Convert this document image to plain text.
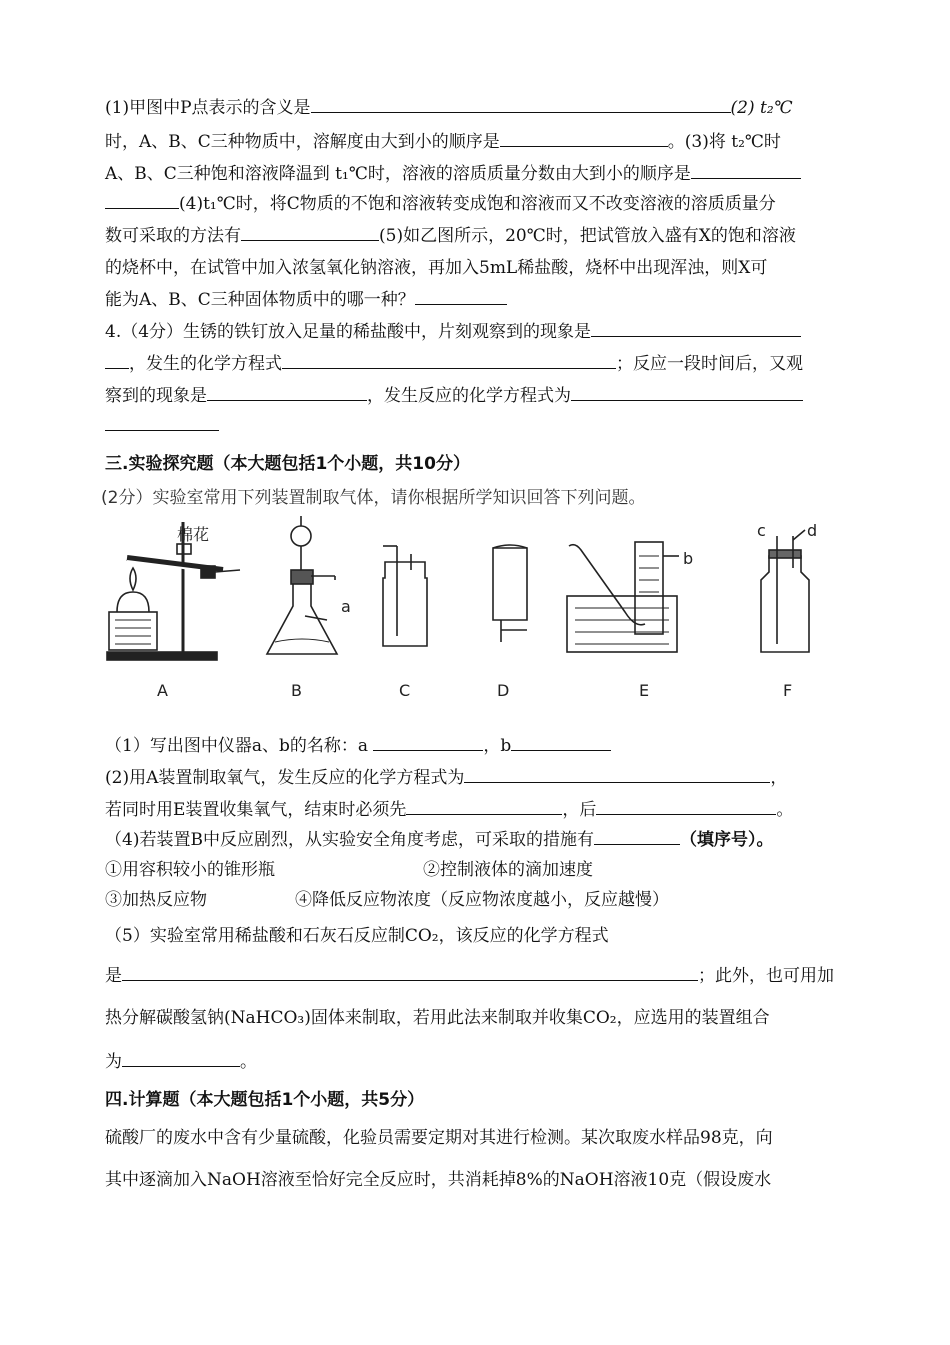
(1)甲图中P点表示的含义是	(2) t₂℃
时，A、B、C三种物质中，溶解度由大到小的顺序是	。(3)将 t₂℃时
A、B、C三种饱和溶液降温到 t₁℃时，溶液的溶质质量分数由大到小的顺序是
(4)t₁℃时，将C物质的不饱和溶液转变成饱和溶液而又不改变溶液的溶质质量分
数可采取的方法有	(5)如乙图所示，20℃时，把试管放入盛有X的饱和溶液
的烧杯中，在试管中加入浓氢氧化钠溶液，再加入5mL稀盐酸，烧杯中出现浑浊，则X可
能为A、B、C三种固体物质中的哪一种？
4.（4分）生锈的铁钉放入足量的稀盐酸中，片刻观察到的现象是
，发生的化学方程式	；反应一段时间后，又观
察到的现象是	，发生反应的化学方程式为
三.实验探究题（本大题包括1个小题，共10分）
(2分）实验室常用下列装置制取气体，请你根据所学知识回答下列问题。
棉花
a
b
c	d
A	B	C	D	E	F
（1）写出图中仪器a、b的名称：a	，b
(2)用A装置制取氧气，发生反应的化学方程式为	，
若同时用E装置收集氧气，结束时必须先	，后	。
（4)若装置B中反应剧烈，从实验安全角度考虑，可采取的措施有	（填序号）。
①用容积较小的锥形瓶	②控制液体的滴加速度
③加热反应物	④降低反应物浓度（反应物浓度越小，反应越慢）
（5）实验室常用稀盐酸和石灰石反应制CO₂，该反应的化学方程式
是	；此外，也可用加
热分解碳酸氢钠(NaHCO₃)固体来制取，若用此法来制取并收集CO₂，应选用的装置组合
为	。
四.计算题（本大题包括1个小题，共5分）
硫酸厂的废水中含有少量硫酸，化验员需要定期对其进行检测。某次取废水样品98克，向
其中逐滴加入NaOH溶液至恰好完全反应时，共消耗掉8%的NaOH溶液10克（假设废水
